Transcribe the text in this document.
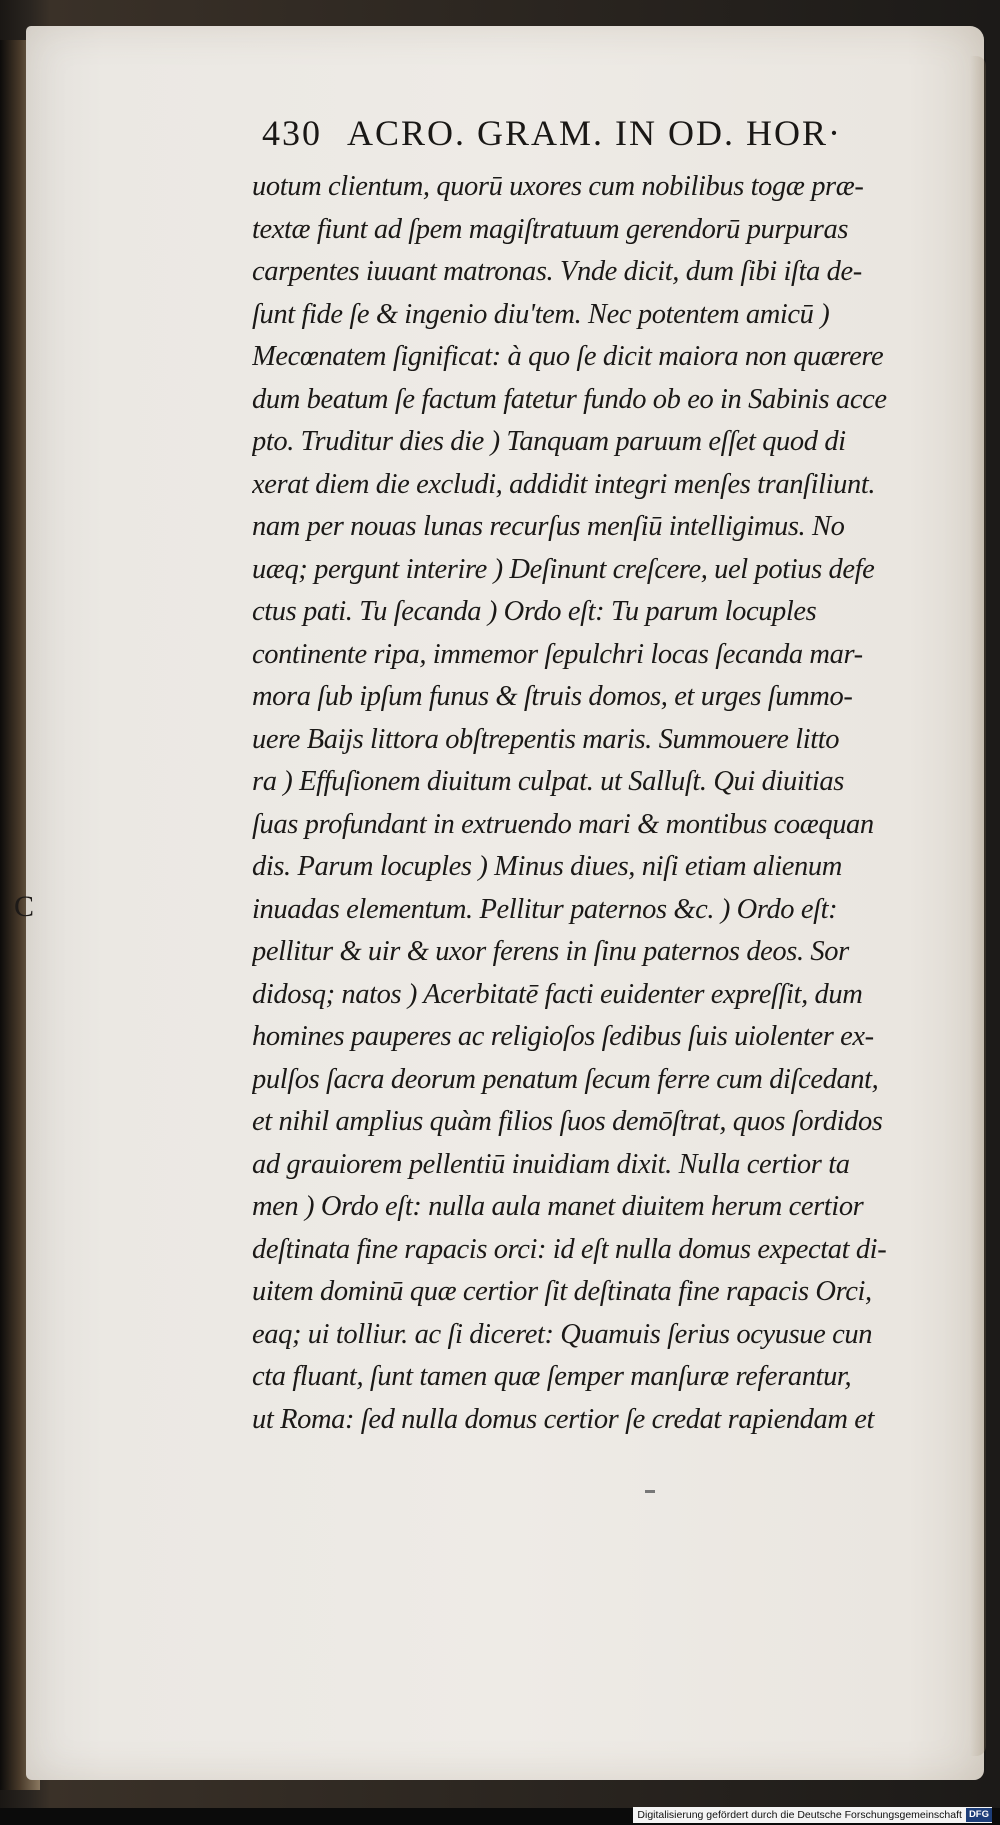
430 ACRO. GRAM. IN OD. HOR·
uotum clientum, quorū uxores cum nobilibus togæ præ-
textæ fiunt ad ſpem magiſtratuum gerendorū purpuras
carpentes iuuant matronas. Vnde dicit, dum ſibi iſta de-
ſunt fide ſe & ingenio diu'tem. Nec potentem amicū )
Mecœnatem ſignificat: à quo ſe dicit maiora non quærere
dum beatum ſe factum fatetur fundo ob eo in Sabinis acce
pto. Truditur dies die ) Tanquam paruum eſſet quod di
xerat diem die excludi, addidit integri menſes tranſiliunt.
nam per nouas lunas recurſus menſiū intelligimus. No
uæq; pergunt interire ) Deſinunt creſcere, uel potius defe
ctus pati. Tu ſecanda ) Ordo eſt: Tu parum locuples
continente ripa, immemor ſepulchri locas ſecanda mar-
mora ſub ipſum funus & ſtruis domos, et urges ſummo-
uere Baijs littora obſtrepentis maris. Summouere litto
ra ) Effuſionem diuitum culpat. ut Salluſt. Qui diuitias
ſuas profundant in extruendo mari & montibus coæquan
dis. Parum locuples ) Minus diues, niſi etiam alienum
inuadas elementum. Pellitur paternos &c. ) Ordo eſt:
pellitur & uir & uxor ferens in ſinu paternos deos. Sor
didosq; natos ) Acerbitatē facti euidenter expreſſit, dum
homines pauperes ac religioſos ſedibus ſuis uiolenter ex-
pulſos ſacra deorum penatum ſecum ferre cum diſcedant,
et nihil amplius quàm filios ſuos demōſtrat, quos ſordidos
ad grauiorem pellentiū inuidiam dixit. Nulla certior ta
men ) Ordo eſt: nulla aula manet diuitem herum certior
deſtinata fine rapacis orci: id eſt nulla domus expectat di-
uitem dominū quæ certior ſit deſtinata fine rapacis Orci,
eaq; ui tolliur. ac ſi diceret: Quamuis ſerius ocyusue cun
cta fluant, ſunt tamen quæ ſemper manſuræ referantur,
ut Roma: ſed nulla domus certior ſe credat rapiendam et
C
Digitalisierung gefördert durch die Deutsche Forschungsgemeinschaft DFG
